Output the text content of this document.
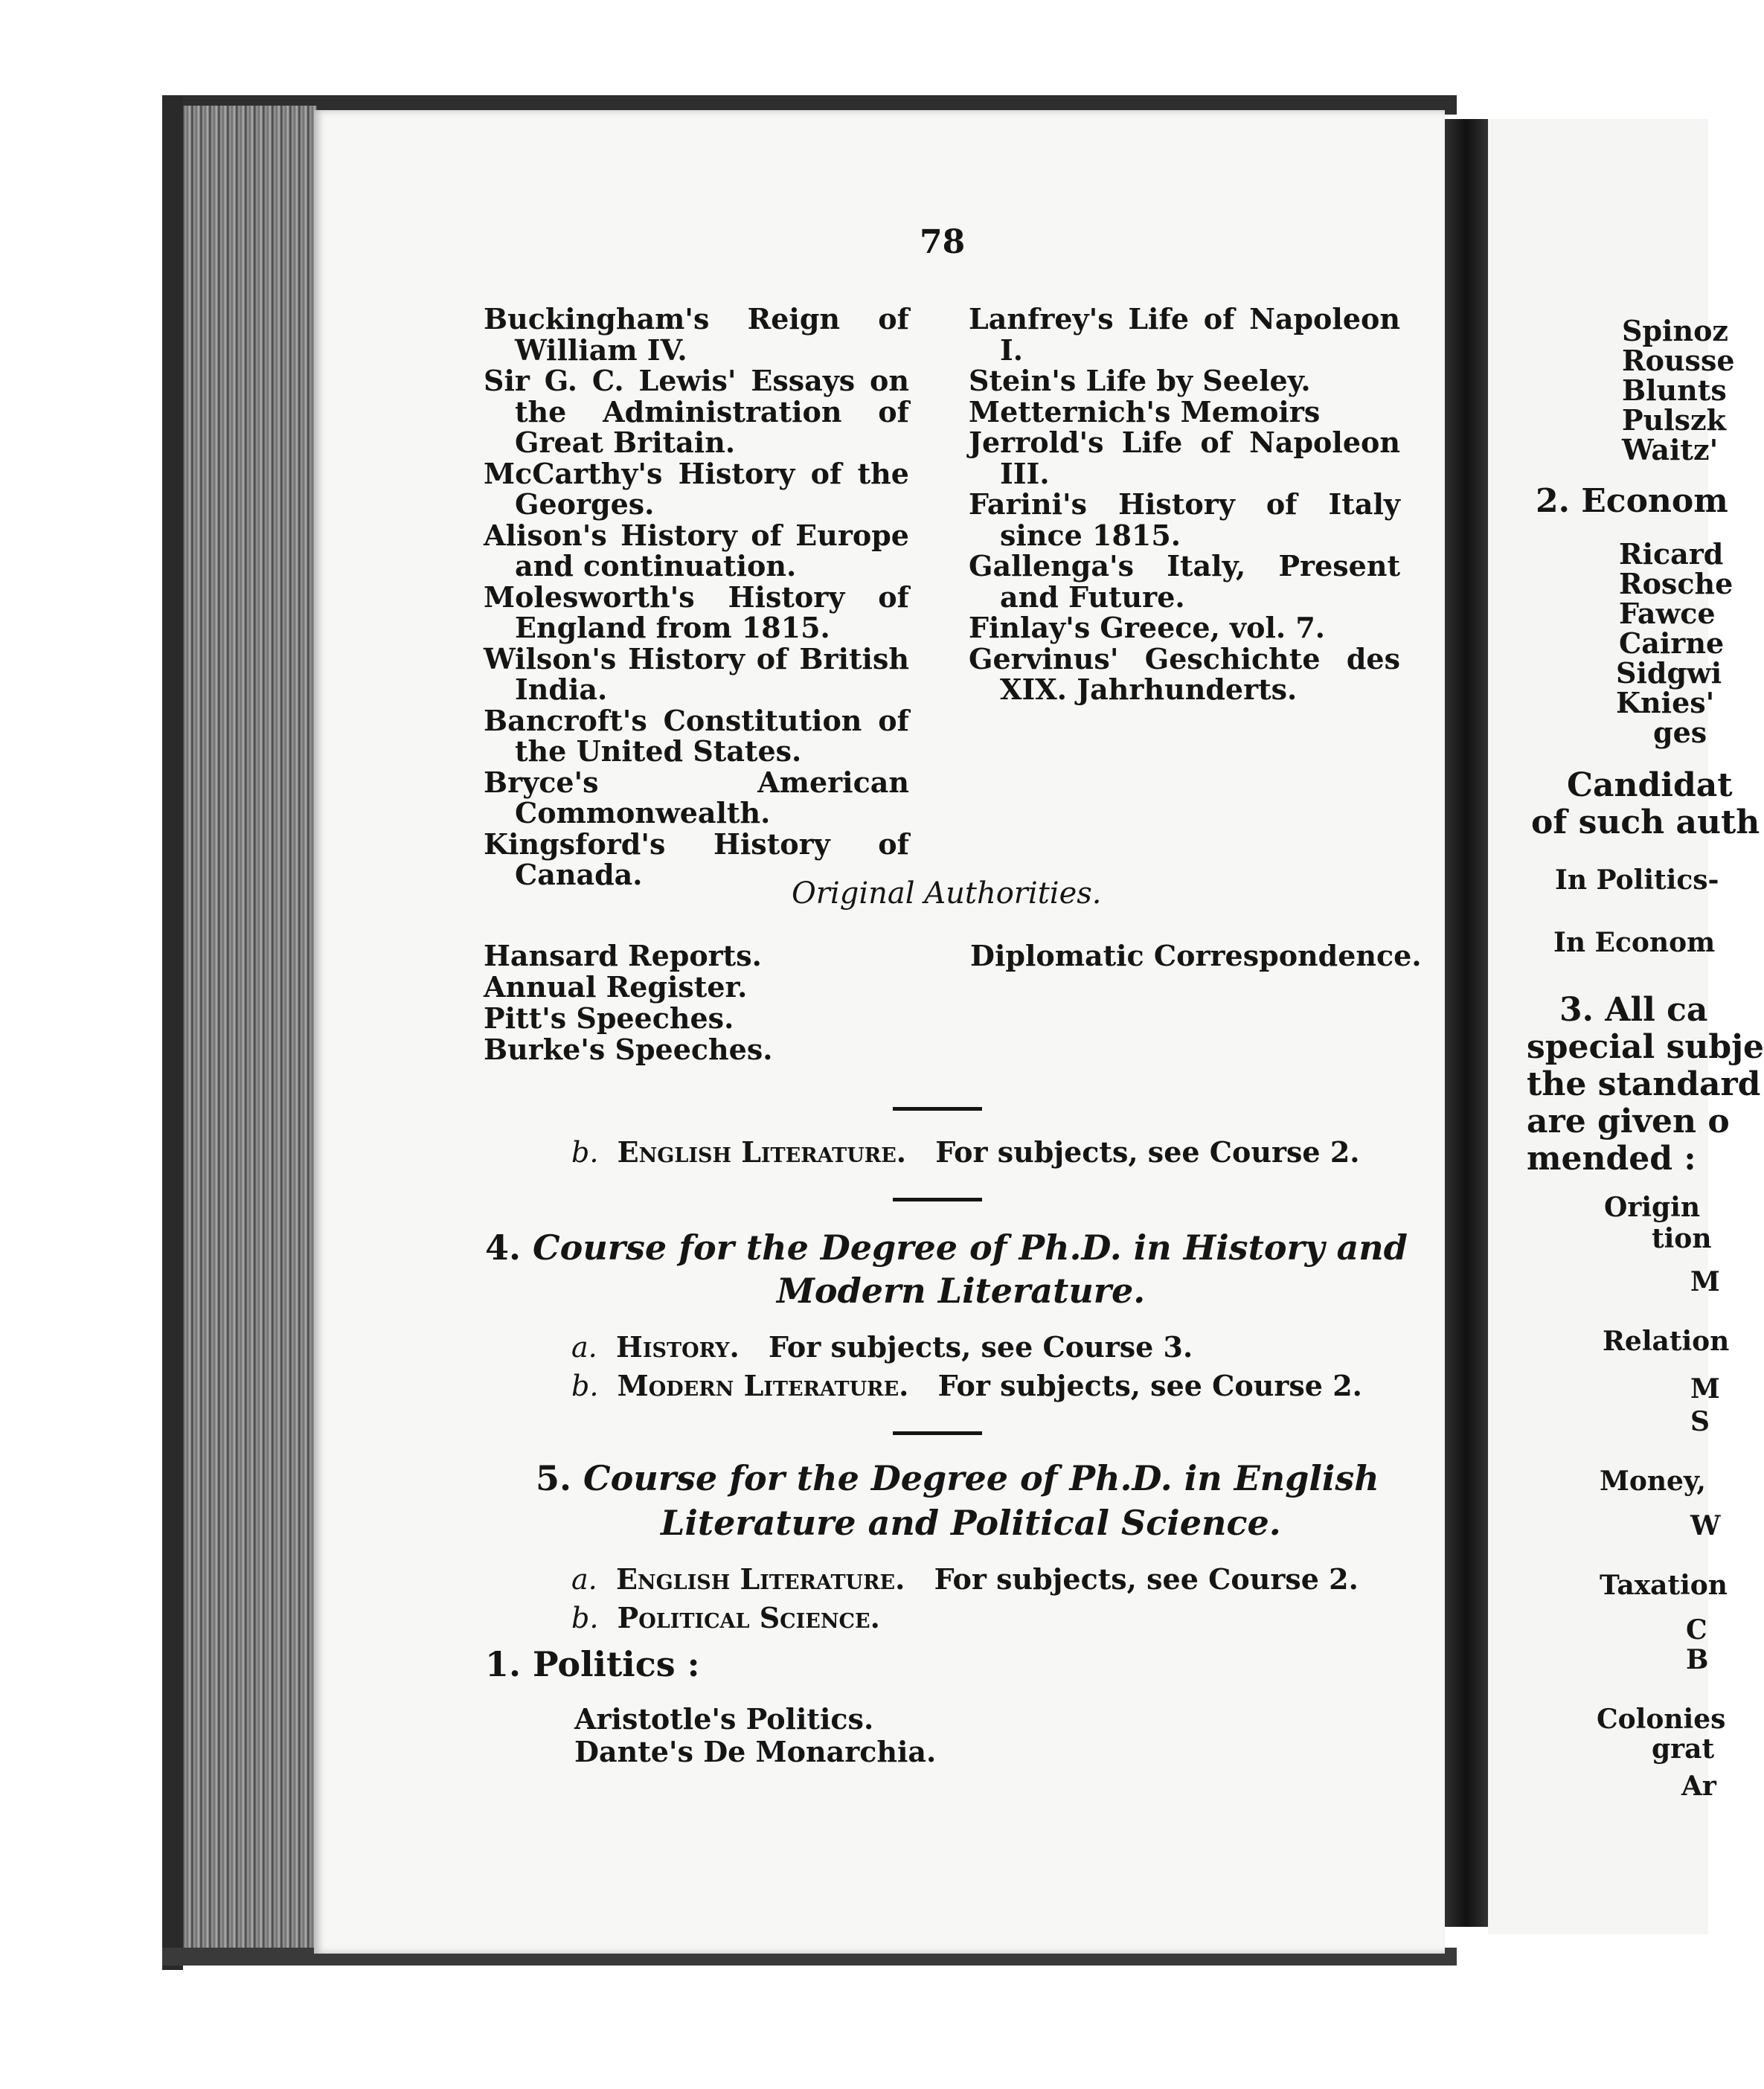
78
Buckingham's Reign of William IV.
Sir G. C. Lewis' Essays on the Administration of Great Britain.
McCarthy's History of the Georges.
Alison's History of Europe and continuation.
Molesworth's History of England from 1815.
Wilson's History of British India.
Bancroft's Constitution of the United States.
Bryce's American Commonwealth.
Kingsford's History of Canada.
Lanfrey's Life of Napoleon I.
Stein's Life by Seeley.
Metternich's Memoirs
Jerrold's Life of Napoleon III.
Farini's History of Italy since 1815.
Gallenga's Italy, Present and Future.
Finlay's Greece, vol. 7.
Gervinus' Geschichte des XIX. Jahrhunderts.
Original Authorities.
Hansard Reports.
Annual Register.
Pitt's Speeches.
Burke's Speeches.
Diplomatic Correspondence.
b. English Literature. For subjects, see Course 2.
4. Course for the Degree of Ph.D. in History and
Modern Literature.
a. History. For subjects, see Course 3.
b. Modern Literature. For subjects, see Course 2.
5. Course for the Degree of Ph.D. in English
Literature and Political Science.
a. English Literature. For subjects, see Course 2.
b. Political Science.
1. Politics :
Aristotle's Politics.
Dante's De Monarchia.
Spinoz
Rousse
Blunts
Pulszk
Waitz'
2. Econom
Ricard
Rosche
Fawce
Cairne
Sidgwi
Knies'
ges
Candidat
of such auth
In Politics-
In Econom
3. All ca
special subje
the standard
are given o
mended :
Origin
tion
M
Relation
M
S
Money,
W
Taxation
C
B
Colonies
grat
Ar
